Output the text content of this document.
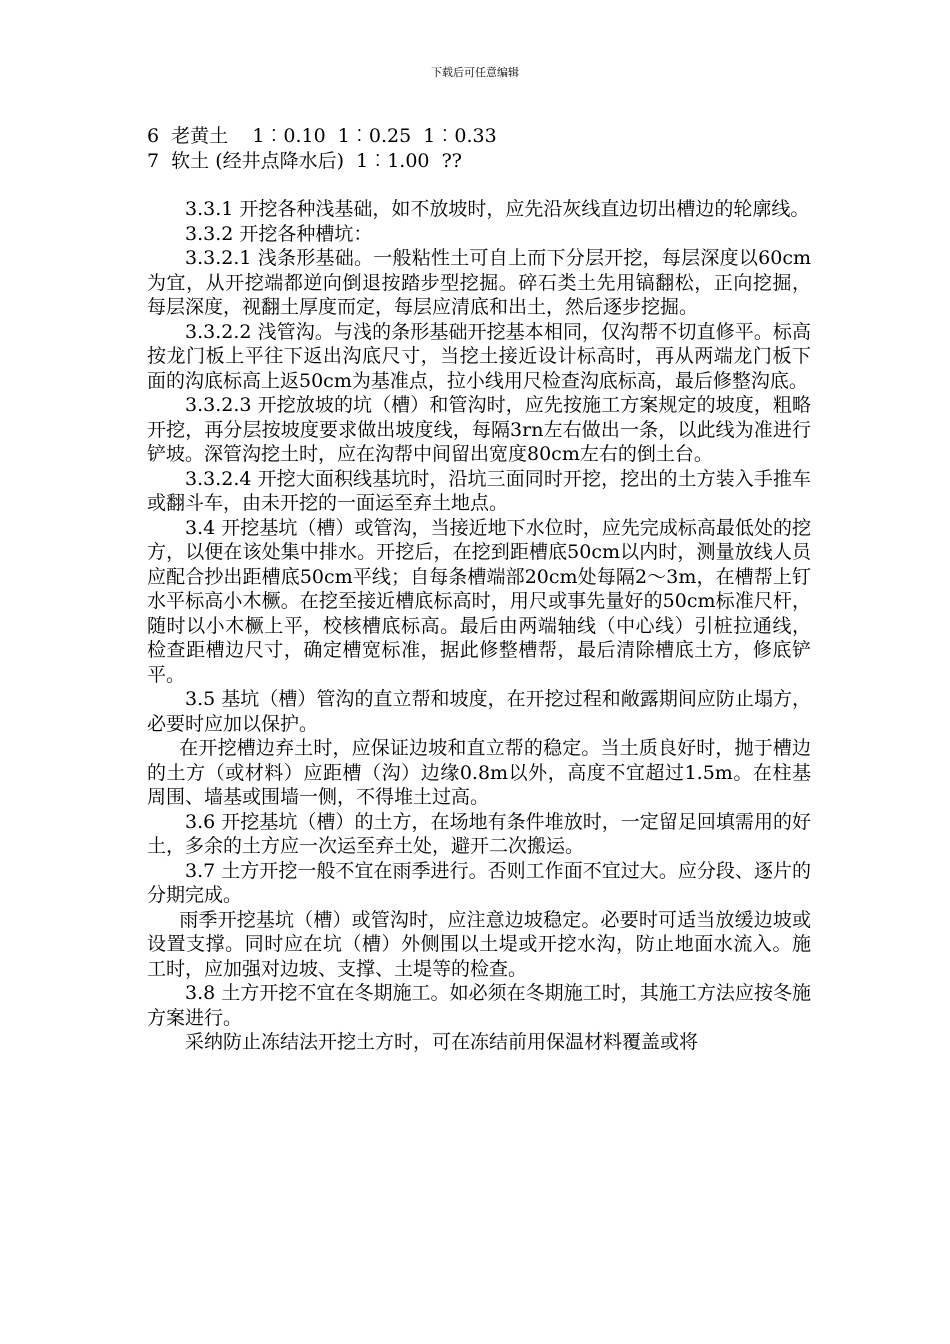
下载后可任意编辑
6  老黄土    1︰0.10  1︰0.25  1︰0.33
7  软土 (经井点降水后)  1︰1.00  ??

3.3.1 开挖各种浅基础，如不放坡时，应先沿灰线直边切出槽边的轮廓线。

3.3.2 开挖各种槽坑：

3.3.2.1 浅条形基础。一般粘性土可自上而下分层开挖，每层深度以60cm为宜，从开挖端都逆向倒退按踏步型挖掘。碎石类土先用镐翻松，正向挖掘，每层深度，视翻土厚度而定，每层应清底和出土，然后逐步挖掘。

3.3.2.2 浅管沟。与浅的条形基础开挖基本相同，仅沟帮不切直修平。标高按龙门板上平往下返出沟底尺寸，当挖土接近设计标高时，再从两端龙门板下面的沟底标高上返50cm为基准点，拉小线用尺检查沟底标高，最后修整沟底。

3.3.2.3 开挖放坡的坑（槽）和管沟时，应先按施工方案规定的坡度，粗略开挖，再分层按坡度要求做出坡度线，每隔3rn左右做出一条，以此线为准进行铲坡。深管沟挖土时，应在沟帮中间留出宽度80cm左右的倒土台。

3.3.2.4 开挖大面积线基坑时，沿坑三面同时开挖，挖出的土方装入手推车或翻斗车，由未开挖的一面运至弃土地点。

3.4 开挖基坑（槽）或管沟，当接近地下水位时，应先完成标高最低处的挖方，以便在该处集中排水。开挖后，在挖到距槽底50cm以内时，测量放线人员应配合抄出距槽底50cm平线；自每条槽端部20cm处每隔2～3m，在槽帮上钉水平标高小木橛。在挖至接近槽底标高时，用尺或事先量好的50cm标准尺杆，随时以小木橛上平，校核槽底标高。最后由两端轴线（中心线）引桩拉通线，检查距槽边尺寸，确定槽宽标准，据此修整槽帮，最后清除槽底土方，修底铲平。

3.5 基坑（槽）管沟的直立帮和坡度，在开挖过程和敞露期间应防止塌方，必要时应加以保护。

在开挖槽边弃土时，应保证边坡和直立帮的稳定。当土质良好时，抛于槽边的土方（或材料）应距槽（沟）边缘0.8m以外，高度不宜超过1.5m。在柱基周围、墙基或围墙一侧，不得堆土过高。

3.6 开挖基坑（槽）的土方，在场地有条件堆放时，一定留足回填需用的好土，多余的土方应一次运至弃土处，避开二次搬运。

3.7 土方开挖一般不宜在雨季进行。否则工作面不宜过大。应分段、逐片的分期完成。

雨季开挖基坑（槽）或管沟时，应注意边坡稳定。必要时可适当放缓边坡或设置支撑。同时应在坑（槽）外侧围以土堤或开挖水沟，防止地面水流入。施工时，应加强对边坡、支撑、土堤等的检查。

3.8 土方开挖不宜在冬期施工。如必须在冬期施工时，其施工方法应按冬施方案进行。

采纳防止冻结法开挖土方时，可在冻结前用保温材料覆盖或将
